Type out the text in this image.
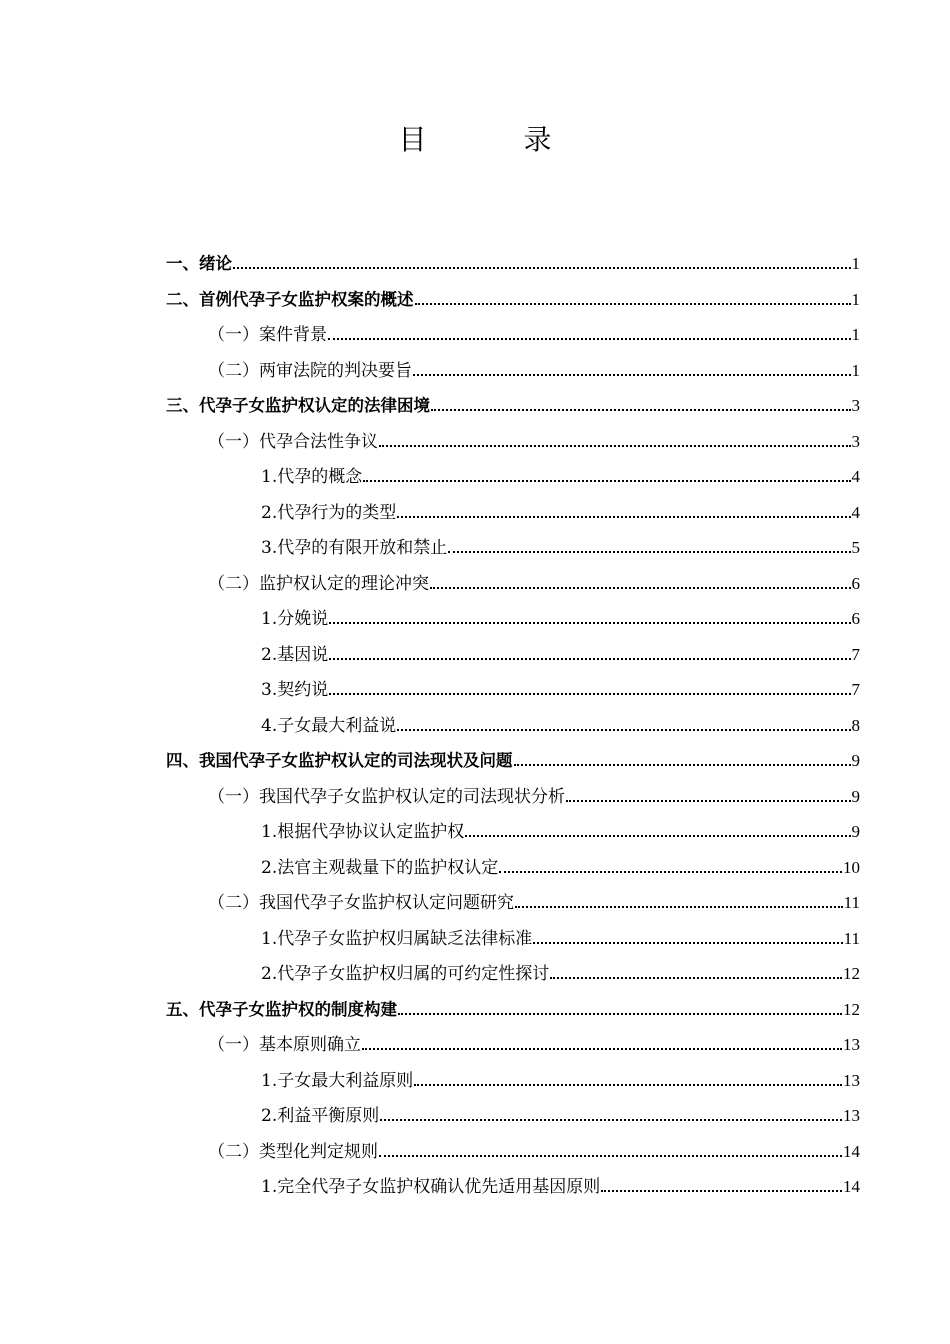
目 录
一、绪论	1
二、首例代孕子女监护权案的概述	1
（一）案件背景	1
（二）两审法院的判决要旨	1
三、代孕子女监护权认定的法律困境	3
（一）代孕合法性争议	3
1.代孕的概念	4
2.代孕行为的类型	4
3.代孕的有限开放和禁止	5
（二）监护权认定的理论冲突	6
1.分娩说	6
2.基因说	7
3.契约说	7
4.子女最大利益说	8
四、我国代孕子女监护权认定的司法现状及问题	9
（一）我国代孕子女监护权认定的司法现状分析	9
1.根据代孕协议认定监护权	9
2.法官主观裁量下的监护权认定	10
（二）我国代孕子女监护权认定问题研究	11
1.代孕子女监护权归属缺乏法律标准	11
2.代孕子女监护权归属的可约定性探讨	12
五、代孕子女监护权的制度构建	12
（一）基本原则确立	13
1.子女最大利益原则	13
2.利益平衡原则	13
（二）类型化判定规则	14
1.完全代孕子女监护权确认优先适用基因原则	14
